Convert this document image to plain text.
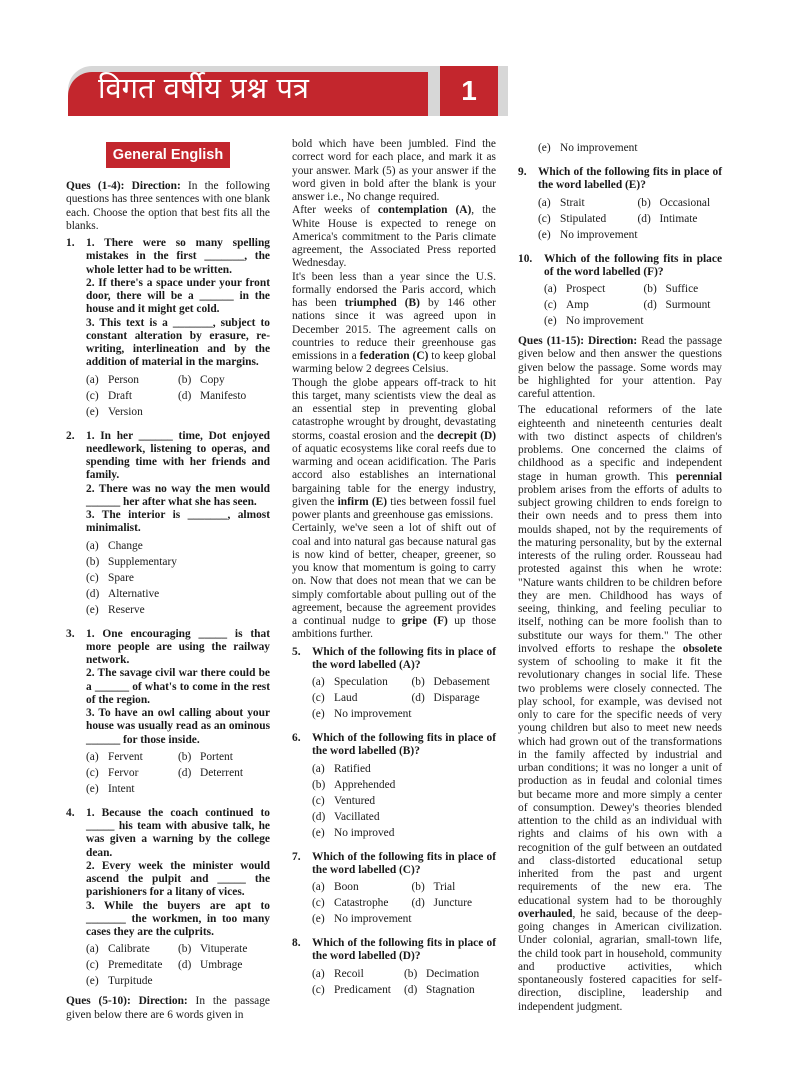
विगत वर्षीय प्रश्न पत्र	1
General English

Ques (1-4): Direction: In the following questions has three sentences with one blank each. Choose the option that best fits all the blanks.

1.	1. There were so many spelling mistakes in the first _______, the whole letter had to be written.

2. If there's a space under your front door, there will be a ______ in the house and it might get cold.

3. This text is a _______, subject to constant alteration by erasure, re-writing, interlineation and by the addition of material in the margins.

(a) Person	(b) Copy
(c) Draft	(d) Manifesto
(e) Version
2.	1. In her ______ time, Dot enjoyed needlework, listening to operas, and spending time with her friends and family.

2. There was no way the men would ______ her after what she has seen.

3. The interior is _______, almost minimalist.

(a) Change
(b) Supplementary
(c) Spare
(d) Alternative
(e) Reserve
3.	1. One encouraging _____ is that more people are using the railway network.

2. The savage civil war there could be a ______ of what's to come in the rest of the region.

3. To have an owl calling about your house was usually read as an ominous ______ for those inside.

(a) Fervent	(b) Portent
(c) Fervor	(d) Deterrent
(e) Intent
4.	1. Because the coach continued to _____ his team with abusive talk, he was given a warning by the college dean.

2. Every week the minister would ascend the pulpit and _____ the parishioners for a litany of vices.

3. While the buyers are apt to _______ the workmen, in too many cases they are the culprits.

(a) Calibrate	(b) Vituperate
(c) Premeditate	(d) Umbrage
(e) Turpitude

Ques (5-10): Direction: In the passage given below there are 6 words given in

bold which have been jumbled. Find the correct word for each place, and mark it as your answer. Mark (5) as your answer if the word given in bold after the blank is your answer i.e., No change required.

After weeks of contemplation (A), the White House is expected to renege on America's commitment to the Paris climate agreement, the Associated Press reported Wednesday.

It's been less than a year since the U.S. formally endorsed the Paris accord, which has been triumphed (B) by 146 other nations since it was agreed upon in December 2015. The agreement calls on countries to reduce their greenhouse gas emissions in a federation (C) to keep global warming below 2 degrees Celsius.

Though the globe appears off-track to hit this target, many scientists view the deal as an essential step in preventing global catastrophe wrought by drought, devastating storms, coastal erosion and the decrepit (D) of aquatic ecosystems like coral reefs due to warming and ocean acidification. The Paris accord also establishes an international bargaining table for the energy industry, given the infirm (E) ties between fossil fuel power plants and greenhouse gas emissions.

Certainly, we've seen a lot of shift out of coal and into natural gas because natural gas is now kind of better, cheaper, greener, so you know that momentum is going to carry on. Now that does not mean that we can be simply comfortable about pulling out of the agreement, because the agreement provides a continual nudge to gripe (F) up those ambitions further.

5.	Which of the following fits in place of the word labelled (A)?

(a) Speculation	(b) Debasement
(c) Laud	(d) Disparage
(e) No improvement
6.	Which of the following fits in place of the word labelled (B)?

(a) Ratified
(b) Apprehended
(c) Ventured
(d) Vacillated
(e) No improved
7.	Which of the following fits in place of the word labelled (C)?

(a) Boon	(b) Trial
(c) Catastrophe	(d) Juncture
(e) No improvement
8.	Which of the following fits in place of the word labelled (D)?

(a) Recoil	(b) Decimation
(c) Predicament	(d) Stagnation
(e) No improvement
9.	Which of the following fits in place of the word labelled (E)?

(a) Strait	(b) Occasional
(c) Stipulated	(d) Intimate
(e) No improvement
10.	Which of the following fits in place of the word labelled (F)?

(a) Prospect	(b) Suffice
(c) Amp	(d) Surmount
(e) No improvement

Ques (11-15): Direction: Read the passage given below and then answer the questions given below the passage. Some words may be highlighted for your attention. Pay careful attention.

The educational reformers of the late eighteenth and nineteenth centuries dealt with two distinct aspects of children's problems. One concerned the claims of childhood as a specific and independent stage in human growth. This perennial problem arises from the efforts of adults to subject growing children to ends foreign to their own needs and to press them into moulds shaped, not by the requirements of the maturing personality, but by the external interests of the ruling order. Rousseau had protested against this when he wrote: "Nature wants children to be children before they are men. Childhood has ways of seeing, thinking, and feeling peculiar to itself, nothing can be more foolish than to substitute our ways for them." The other involved efforts to reshape the obsolete system of schooling to make it fit the revolutionary changes in social life. These two problems were closely connected. The play school, for example, was devised not only to care for the specific needs of very young children but also to meet new needs which had grown out of the transformations in the family affected by industrial and urban conditions; it was no longer a unit of production as in feudal and colonial times but became more and more simply a center of consumption. Dewey's theories blended attention to the child as an individual with rights and claims of his own with a recognition of the gulf between an outdated and class-distorted educational setup inherited from the past and urgent requirements of the new era. The educational system had to be thoroughly overhauled, he said, because of the deep-going changes in American civilization. Under colonial, agrarian, small-town life, the child took part in household, community and productive activities, which spontaneously fostered capacities for self-direction, discipline, leadership and independent judgment.
